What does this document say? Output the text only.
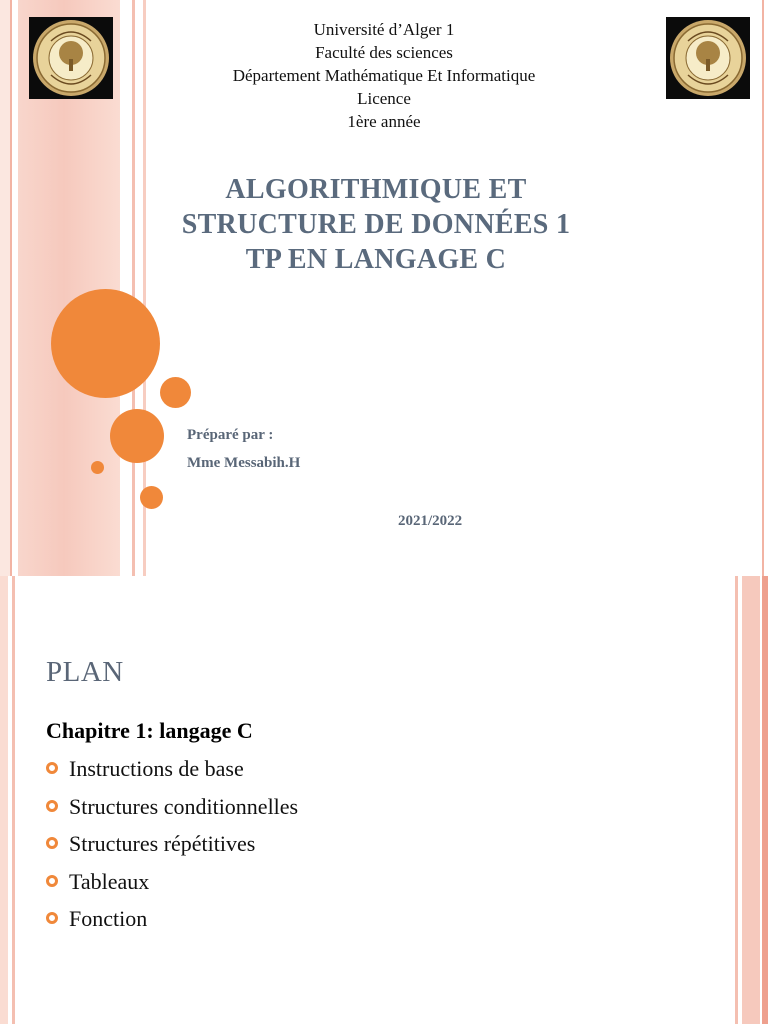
Université d’Alger 1
Faculté des sciences
Département Mathématique Et Informatique
Licence
1ère année
ALGORITHMIQUE ET
STRUCTURE DE DONNÉES 1
TP EN LANGAGE C
Préparé par :
Mme Messabih.H
2021/2022
PLAN
Chapitre 1: langage C
Instructions de base
Structures conditionnelles
Structures répétitives
Tableaux
Fonction
